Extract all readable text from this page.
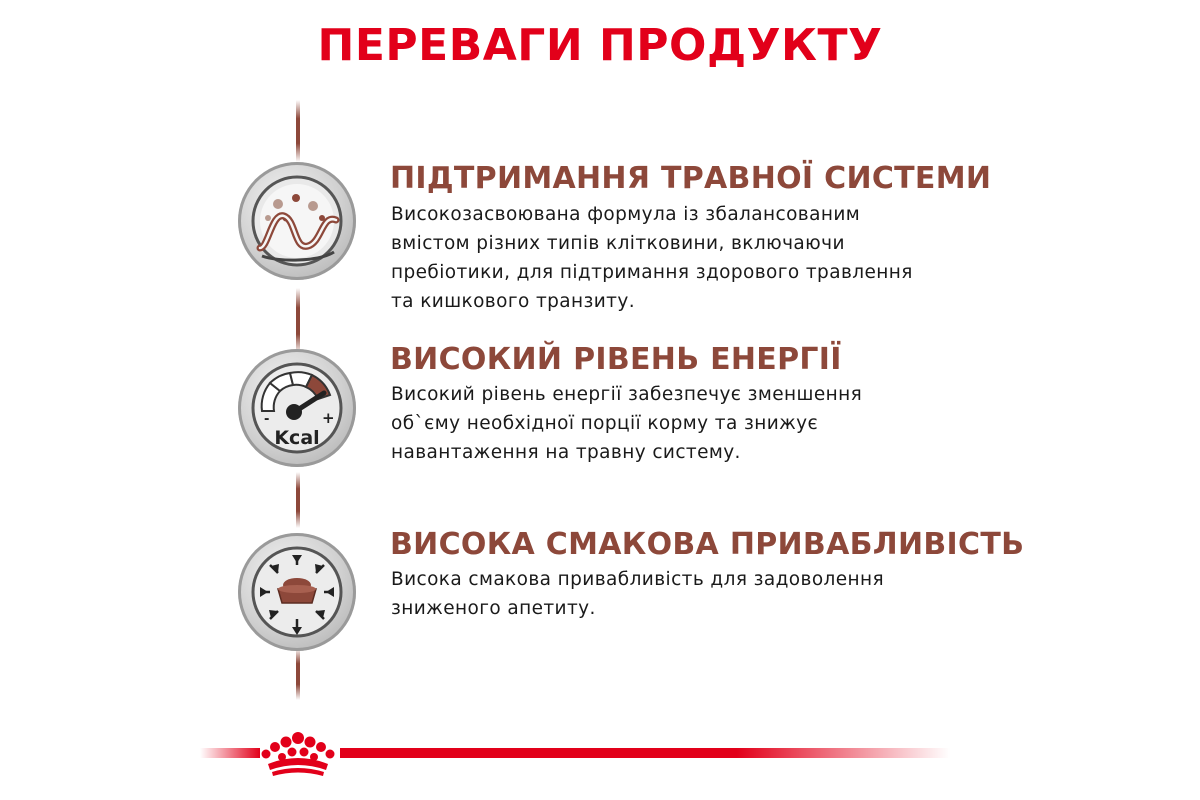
ПЕРЕВАГИ ПРОДУКТУ
ПІДТРИМАННЯ ТРАВНОЇ СИСТЕМИ

Високозасвоювана формула із збалансованим
вмістом різних типів клітковини, включаючи
пребіотики, для підтримання здорового травлення
та кишкового транзиту.

-	+
Kcal
ВИСОКИЙ РІВЕНЬ ЕНЕРГІЇ

Високий рівень енергії забезпечує зменшення
об`єму необхідної порції корму та знижує
навантаження на травну систему.

ВИСОКА СМАКОВА ПРИВАБЛИВІСТЬ

Висока смакова привабливість для задоволення
зниженого апетиту.
